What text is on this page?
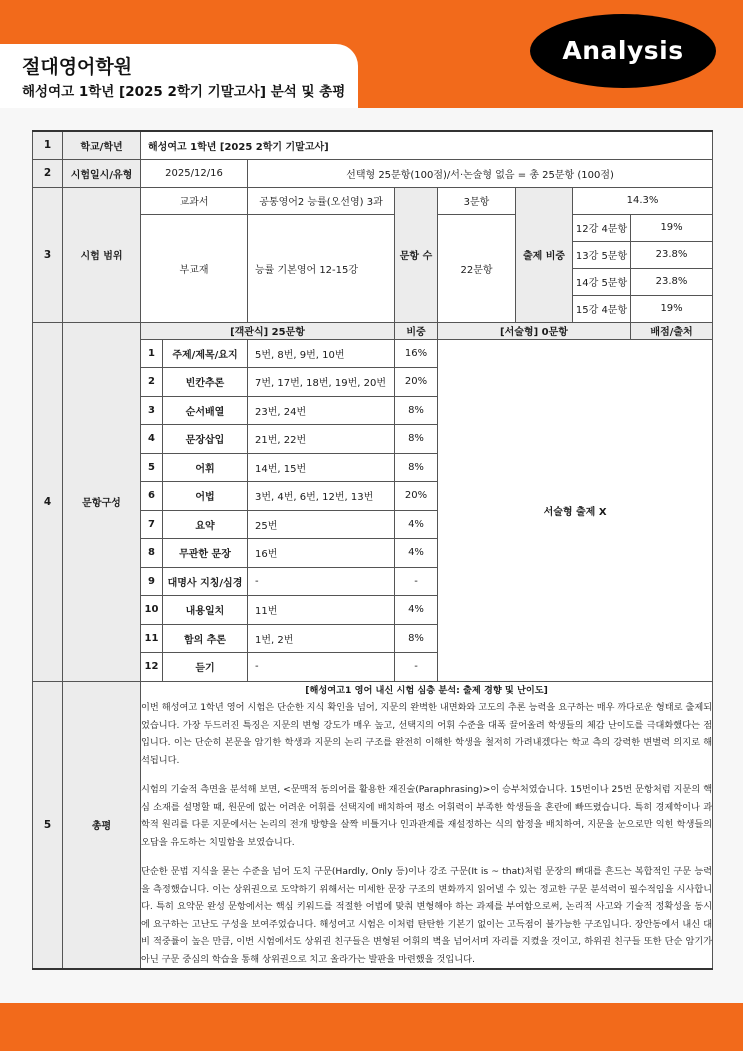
절대영어학원
해성여고 1학년 [2025 2학기 기말고사] 분석 및 총평
Analysis
1	학교/학년	해성여고 1학년 [2025 2학기 기말고사]							
2	시험일시/유형	2025/12/16		선택형 25문항(100점)/서·논술형 없음 = 총 25문항 (100점)					
3	시험 범위	교과서		공통영어2 능률(오선영) 3과	문항 수	3문항	출제 비중	14.3%	
		부교재		능률 기본영어 12-15강		22문항		12강 4문항	19%
								13강 5문항	23.8%
								14강 5문항	23.8%
								15강 4문항	19%
4	문항구성	[객관식] 25문항			비중	[서술형] 0문항			배점/출처
		1	주제/제목/요지	5번, 8번, 9번, 10번	16%	서술형 출제 X			
		2	빈칸추론	7번, 17번, 18번, 19번, 20번	20%				
		3	순서배열	23번, 24번	8%				
		4	문장삽입	21번, 22번	8%				
		5	어휘	14번, 15번	8%				
		6	어법	3번, 4번, 6번, 12번, 13번	20%				
		7	요약	25번	4%				
		8	무관한 문장	16번	4%				
		9	대명사 지칭/심경	-	-				
		10	내용일치	11번	4%				
		11	함의 추론	1번, 2번	8%				
		12	듣기	-	-				
5	총평	[해성여고1 영어 내신 시험 심층 분석: 출제 경향 및 난이도]

이번 해성여고 1학년 영어 시험은 단순한 지식 확인을 넘어, 지문의 완벽한 내면화와 고도의 추론 능력을 요구하는 매우 까다로운 형태로 출제되었습니다. 가장 두드러진 특징은 지문의 변형 강도가 매우 높고, 선택지의 어휘 수준을 대폭 끌어올려 학생들의 체감 난이도를 극대화했다는 점입니다. 이는 단순히 본문을 암기한 학생과 지문의 논리 구조를 완전히 이해한 학생을 철저히 가려내겠다는 학교 측의 강력한 변별력 의지로 해석됩니다.

시험의 기술적 측면을 분석해 보면, <문맥적 동의어를 활용한 재진술(Paraphrasing)>이 승부처였습니다. 15번이나 25번 문항처럼 지문의 핵심 소재를 설명할 때, 원문에 없는 어려운 어휘를 선택지에 배치하여 평소 어휘력이 부족한 학생들을 혼란에 빠뜨렸습니다. 특히 경제학이나 과학적 원리를 다룬 지문에서는 논리의 전개 방향을 살짝 비틀거나 인과관계를 재설정하는 식의 함정을 배치하여, 지문을 눈으로만 익힌 학생들의 오답을 유도하는 치밀함을 보였습니다.

단순한 문법 지식을 묻는 수준을 넘어 도치 구문(Hardly, Only 등)이나 강조 구문(It is ~ that)처럼 문장의 뼈대를 흔드는 복합적인 구문 능력을 측정했습니다. 이는 상위권으로 도약하기 위해서는 미세한 문장 구조의 변화까지 읽어낼 수 있는 정교한 구문 분석력이 필수적임을 시사합니다. 특히 요약문 완성 문항에서는 핵심 키워드를 적절한 어법에 맞춰 변형해야 하는 과제를 부여함으로써, 논리적 사고와 기술적 정확성을 동시에 요구하는 고난도 구성을 보여주었습니다. 해성여고 시험은 이처럼 탄탄한 기본기 없이는 고득점이 불가능한 구조입니다. 장안동에서 내신 대비 적중률이 높은 만큼, 이번 시험에서도 상위권 친구들은 변형된 어휘의 벽을 넘어서며 자리를 지켰을 것이고, 하위권 친구들 또한 단순 암기가 아닌 구문 중심의 학습을 통해 상위권으로 치고 올라가는 발판을 마련했을 것입니다.							
